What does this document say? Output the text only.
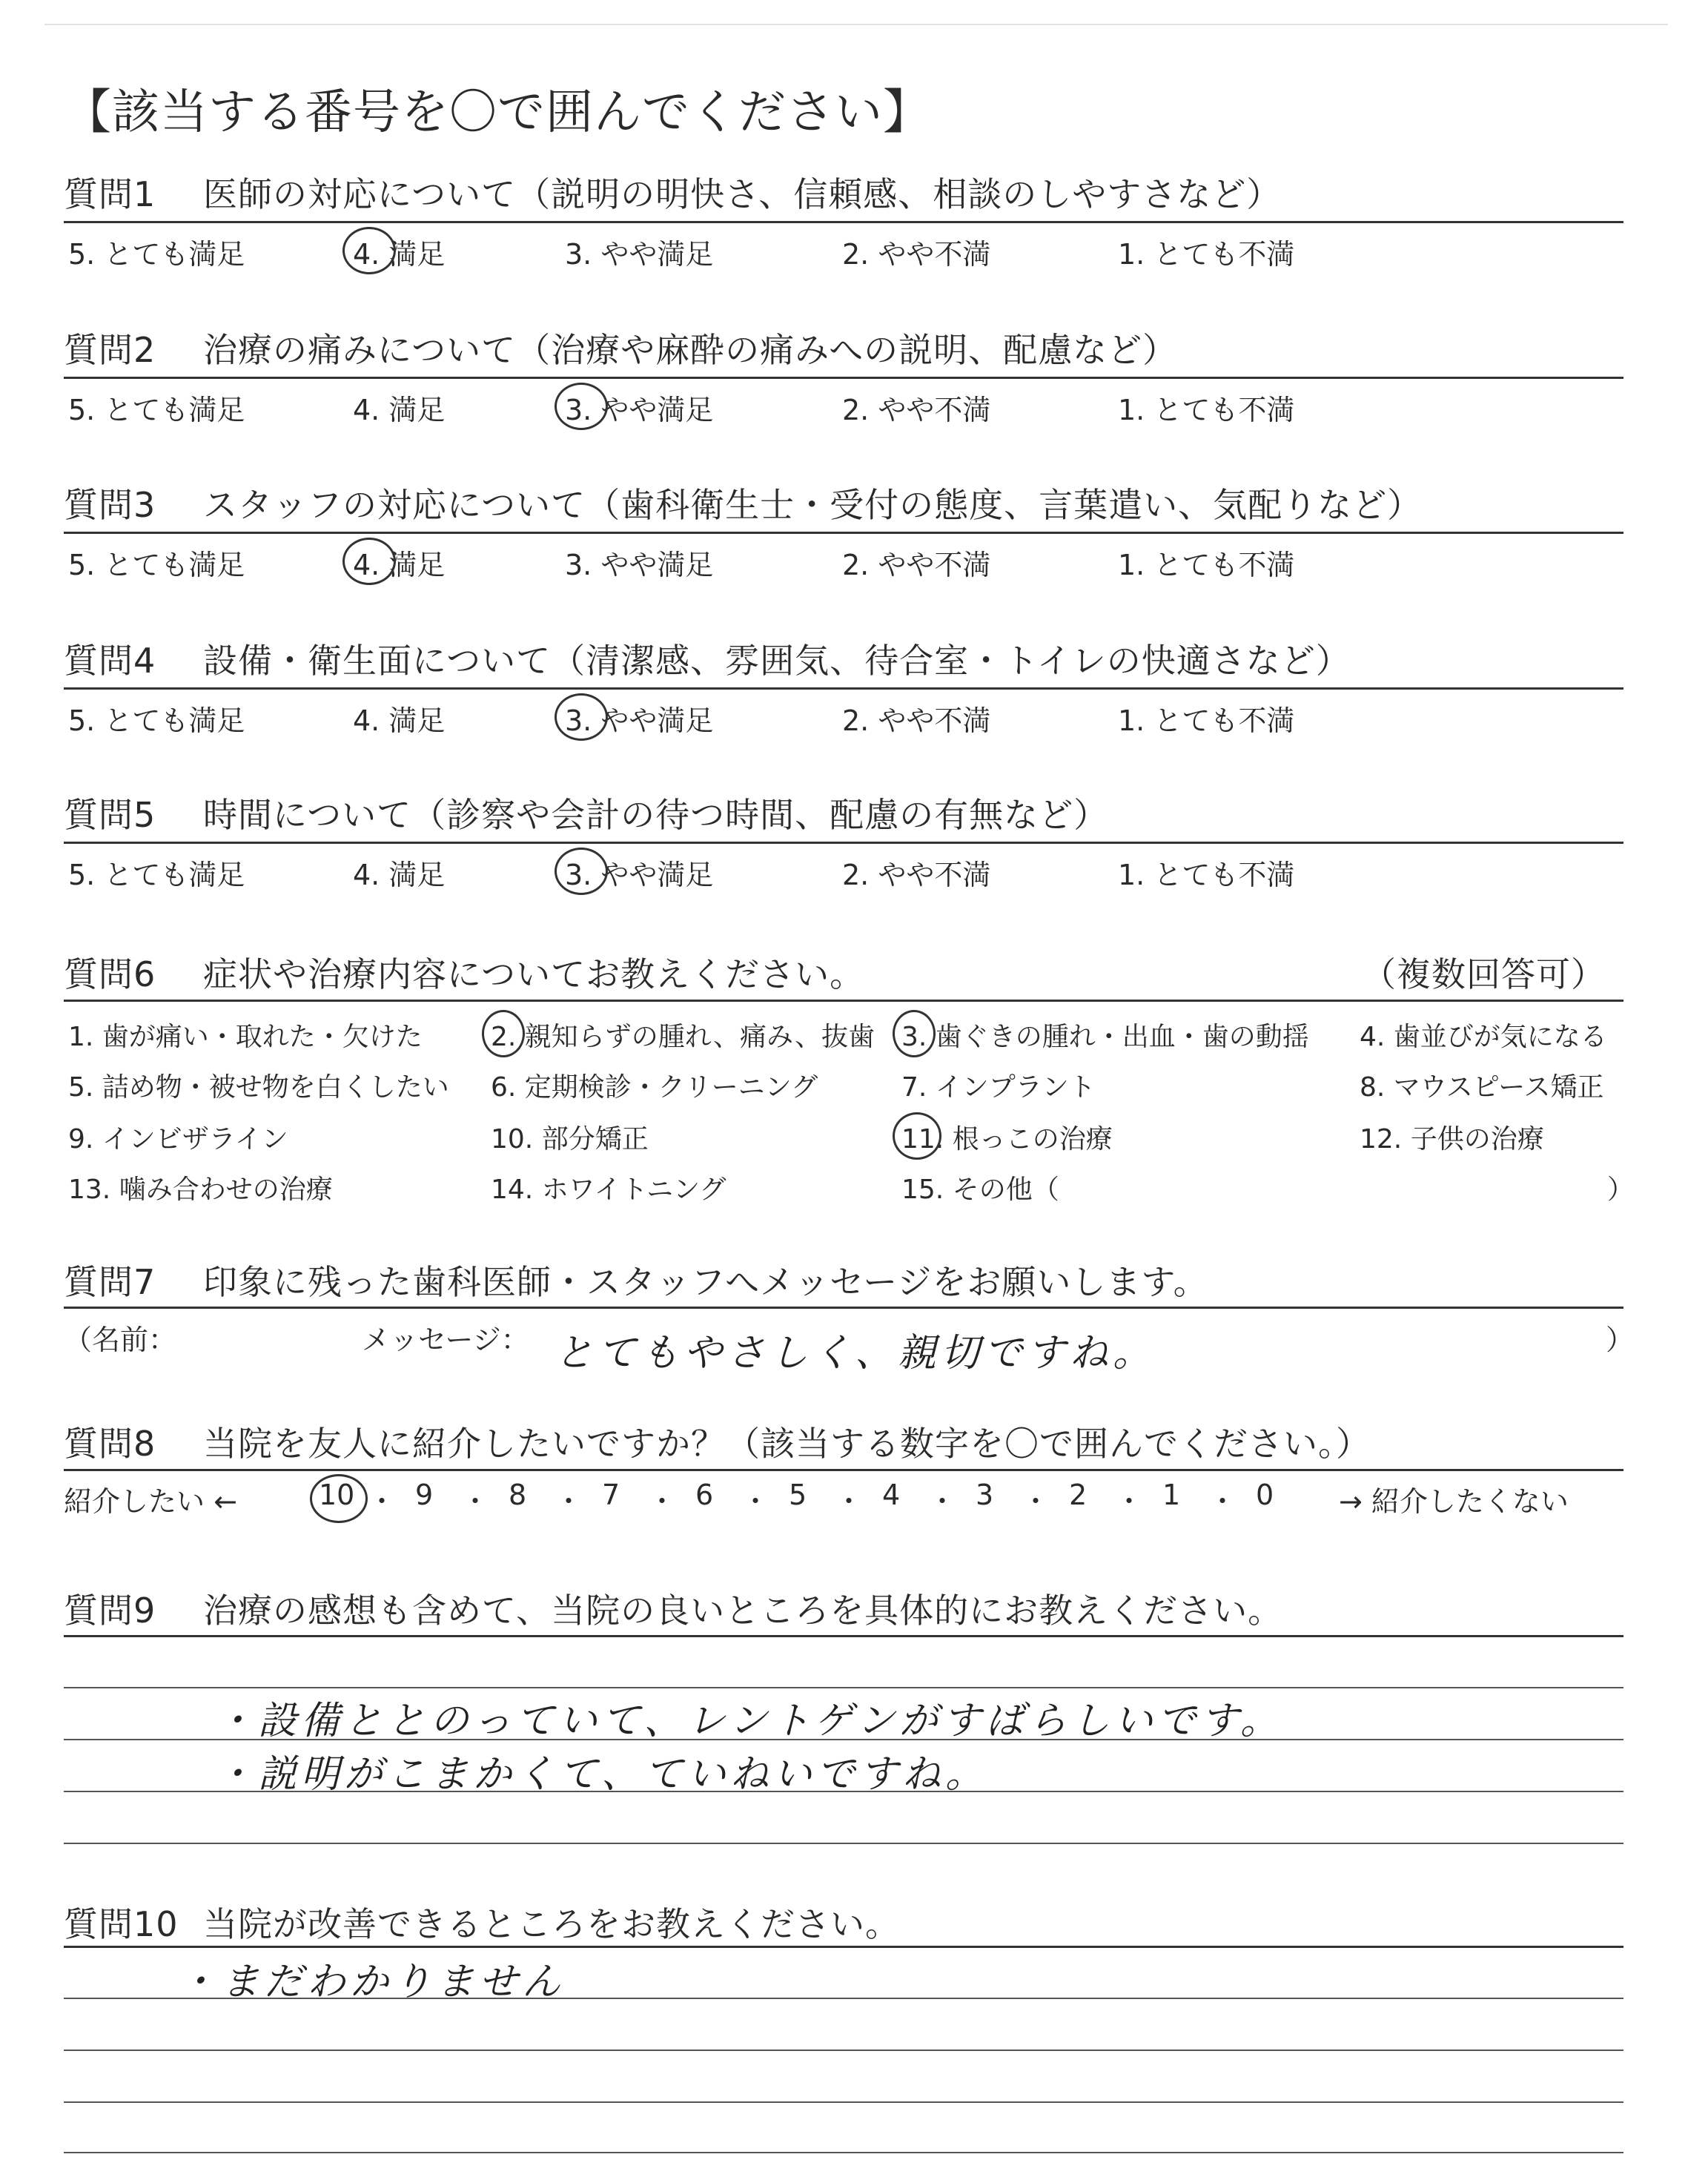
【該当する番号を〇で囲んでください】
質問6 症状や治療内容についてお教えください。	（複数回答可）
質問7	印象に残った歯科医師・スタッフへメッセージをお願いします。
（名前：	メッセージ： とてもやさしく、親切ですね。	）
質問8	当院を友人に紹介したいですか？（該当する数字を〇で囲んでください。）
紹介したい ←	→ 紹介したくない
質問9	治療の感想も含めて、当院の良いところを具体的にお教えください。
・設備ととのっていて、レントゲンがすばらしいです。
・説明がこまかくて、ていねいですね。
質問10 当院が改善できるところをお教えください。
・まだわかりません
質問1	医師の対応について（説明の明快さ、信頼感、相談のしやすさなど）
5. とても満足	4. 満足	3. やや満足	2. やや不満	1. とても不満
質問2	治療の痛みについて（治療や麻酔の痛みへの説明、配慮など）
5. とても満足	4. 満足	3. やや満足	2. やや不満	1. とても不満
質問3	スタッフの対応について（歯科衛生士・受付の態度、言葉遣い、気配りなど）
5. とても満足	4. 満足	3. やや満足	2. やや不満	1. とても不満
質問4	設備・衛生面について（清潔感、雰囲気、待合室・トイレの快適さなど）
5. とても満足	4. 満足	3. やや満足	2. やや不満	1. とても不満
質問5	時間について（診察や会計の待つ時間、配慮の有無など）
5. とても満足	4. 満足	3. やや満足	2. やや不満	1. とても不満
1. 歯が痛い・取れた・欠けた	2. 親知らずの腫れ、痛み、抜歯 3. 歯ぐきの腫れ・出血・歯の動揺 4. 歯並びが気になる
5. 詰め物・被せ物を白くしたい 6. 定期検診・クリーニング	7. インプラント	8. マウスピース矯正
9. インビザライン	10. 部分矯正	11. 根っこの治療	12. 子供の治療
13. 噛み合わせの治療	14. ホワイトニング	15. その他（	）
10 ・ 9 ・ 8 ・ 7 ・ 6 ・ 5 ・ 4 ・ 3 ・ 2 ・ 1 ・ 0
